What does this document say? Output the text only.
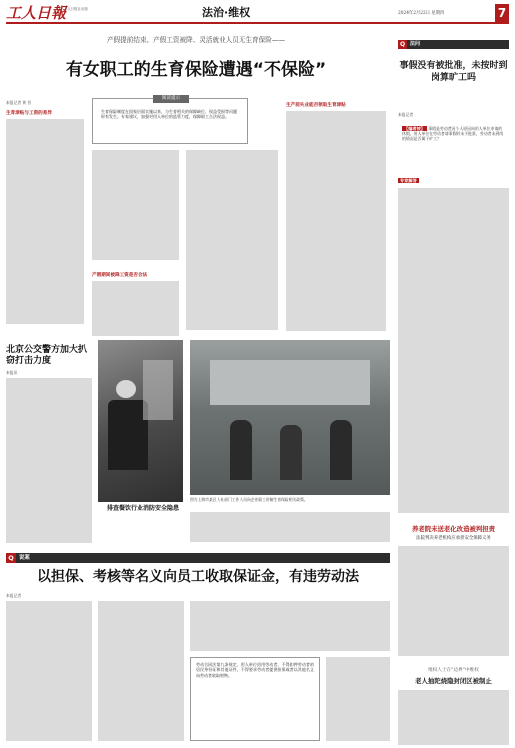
工人日報
工人日报社出版	法治·维权	2024年2月22日 星期四	7
产假提前结束、产假工资被降、灵活就业人员无生育保险——
有女职工的生育保险遭遇“不保险”
本报记者 黄 晋
阅读提示
生育保险制度在国家层面实施以来，与生育相关的保障缺位、权益受损等问题时有发生。专家建议，加强对用人单位的监管力度，保障职工合法权益。
生育津贴与工资的差异
产假期间被降工资是否合法
生产前失业能否领取生育津贴
北京公交警方加大扒窃打击力度
本报讯
排查餐饮行业消防安全隐患
图为上海市某区人社部门工作人员向企业职工讲解生育保险相关政策。
Q 法问
事假没有被批准，未按时到岗算旷工吗
本报记者
【编者按】 事假是劳动者因个人原因向用人单位申请的休假。用人单位在劳动者请事假时未予批准，劳动者未到岗的情况是否属于旷工？
专家解答
养老院未送老化改造被判担责
法院判决养老机构应承担安全保障义务
维权人士在“边界”中维权
老人抽陀烧隐封闭区被制止
Q 说案
以担保、考核等名义向员工收取保证金，有违劳动法
本报记者
劳动合同法第九条规定，用人单位招用劳动者，不得扣押劳动者的居民身份证和其他证件，不得要求劳动者提供担保或者以其他名义向劳动者收取财物。
